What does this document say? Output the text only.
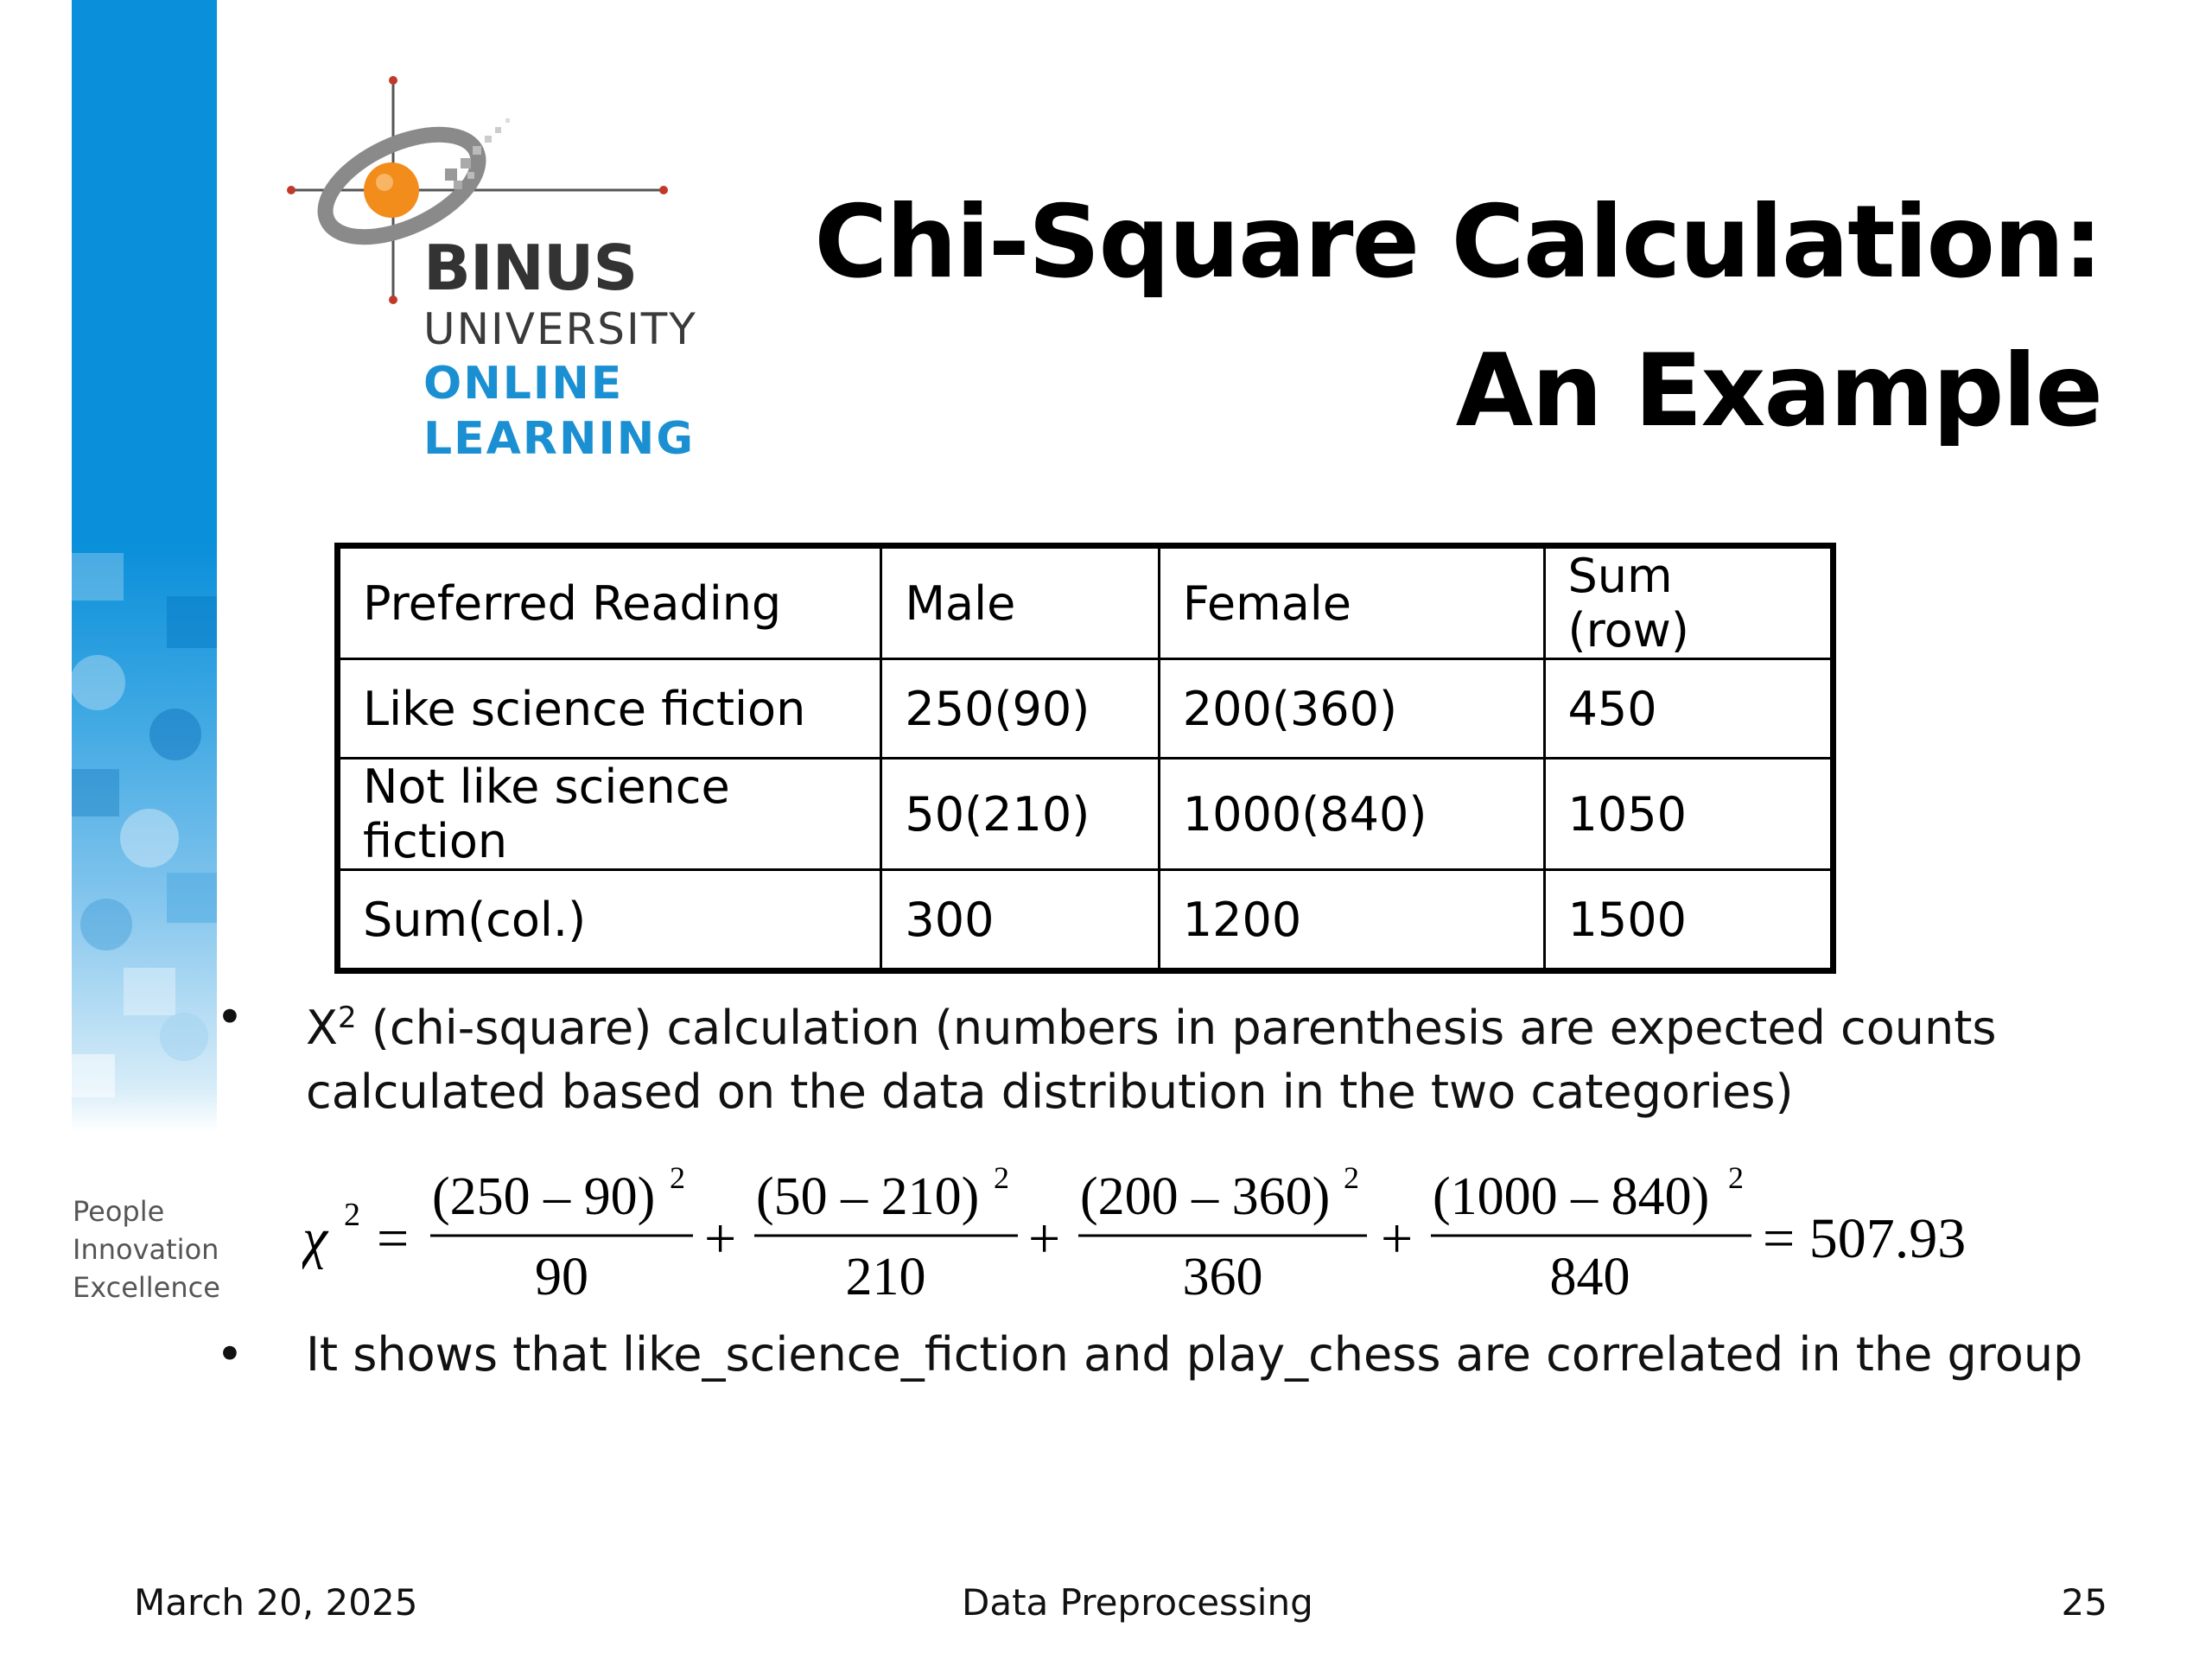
BINUS
UNIVERSITY
ONLINE
LEARNING
People
Innovation
Excellence
Chi-Square Calculation:
An Example
Preferred Reading	Male	Female	Sum (row)
Like science fiction	250(90)	200(360)	450
Not like science fiction	50(210)	1000(840)	1050
Sum(col.)	300	1200	1500
• $X^2$ (chi-square) calculation (numbers in parenthesis are expected counts
calculated based on the data distribution in the two categories)
χ 2 =
(250 – 90) 2
90
+
(50 – 210) 2
210
+
(200 – 360) 2
360
+
(1000 – 840) 2
840
= 507.93
• It shows that like_science_fiction and play_chess are correlated in the group
March 20, 2025	Data Preprocessing	25
